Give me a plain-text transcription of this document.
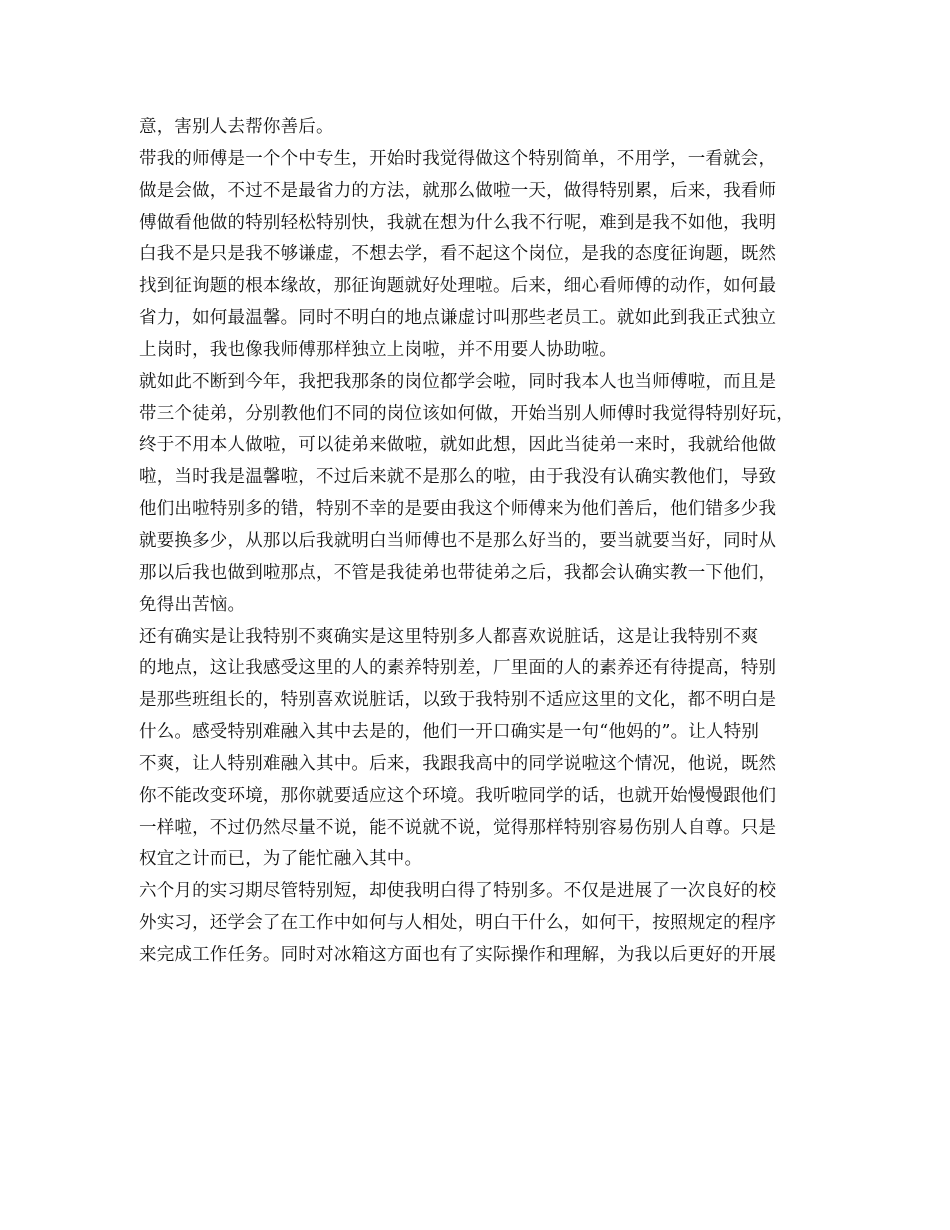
意，害别人去帮你善后。
带我的师傅是一个个中专生，开始时我觉得做这个特别简单，不用学，一看就会，
做是会做，不过不是最省力的方法，就那么做啦一天，做得特别累，后来，我看师
傅做看他做的特别轻松特别快，我就在想为什么我不行呢，难到是我不如他，我明
白我不是只是我不够谦虚，不想去学，看不起这个岗位，是我的态度征询题，既然
找到征询题的根本缘故，那征询题就好处理啦。后来，细心看师傅的动作，如何最
省力，如何最温馨。同时不明白的地点谦虚讨叫那些老员工。就如此到我正式独立
上岗时，我也像我师傅那样独立上岗啦，并不用要人协助啦。
就如此不断到今年，我把我那条的岗位都学会啦，同时我本人也当师傅啦，而且是
带三个徒弟，分别教他们不同的岗位该如何做，开始当别人师傅时我觉得特别好玩，
终于不用本人做啦，可以徒弟来做啦，就如此想，因此当徒弟一来时，我就给他做
啦，当时我是温馨啦，不过后来就不是那么的啦，由于我没有认确实教他们，导致
他们出啦特别多的错，特别不幸的是要由我这个师傅来为他们善后，他们错多少我
就要换多少，从那以后我就明白当师傅也不是那么好当的，要当就要当好，同时从
那以后我也做到啦那点，不管是我徒弟也带徒弟之后，我都会认确实教一下他们，
免得出苦恼。
还有确实是让我特别不爽确实是这里特别多人都喜欢说脏话，这是让我特别不爽
的地点，这让我感受这里的人的素养特别差，厂里面的人的素养还有待提高，特别
是那些班组长的，特别喜欢说脏话，以致于我特别不适应这里的文化，都不明白是
什么。感受特别难融入其中去是的，他们一开口确实是一句“他妈的”。让人特别
不爽，让人特别难融入其中。后来，我跟我高中的同学说啦这个情况，他说，既然
你不能改变环境，那你就要适应这个环境。我听啦同学的话，也就开始慢慢跟他们
一样啦，不过仍然尽量不说，能不说就不说，觉得那样特别容易伤别人自尊。只是
权宜之计而已，为了能忙融入其中。
六个月的实习期尽管特别短，却使我明白得了特别多。不仅是进展了一次良好的校
外实习，还学会了在工作中如何与人相处，明白干什么，如何干，按照规定的程序
来完成工作任务。同时对冰箱这方面也有了实际操作和理解，为我以后更好的开展
